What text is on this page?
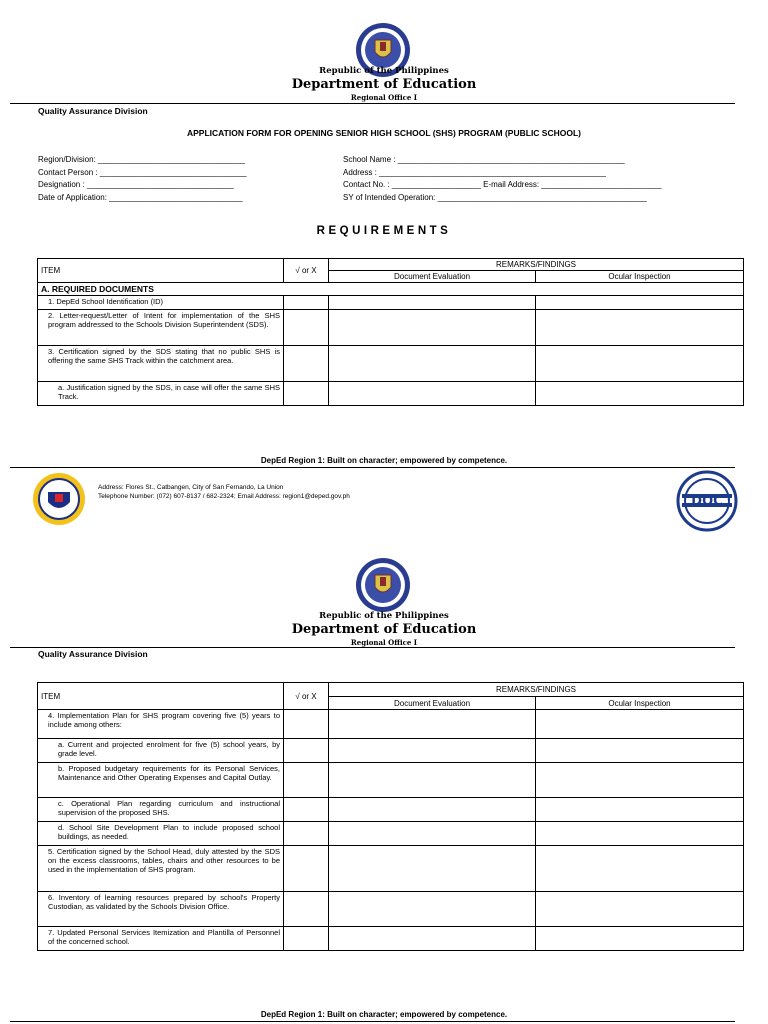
Republic of the Philippines
Department of Education
Regional Office I
Quality Assurance Division
APPLICATION FORM FOR OPENING SENIOR HIGH SCHOOL (SHS) PROGRAM (PUBLIC SCHOOL)
Region/Division: _________________________________
Contact Person : _________________________________
Designation : _________________________________
Date of Application: ______________________________
School Name : ___________________________________________________
Address : ___________________________________________________
Contact No. : ____________________ E-mail Address: ___________________________
SY of Intended Operation: _______________________________________________
REQUIREMENTS
ITEM	√ or X	REMARKS/FINDINGS	
		Document Evaluation	Ocular Inspection
A. REQUIRED DOCUMENTS			
1. DepEd School Identification (ID)			
2. Letter-request/Letter of Intent for implementation of the SHS program addressed to the Schools Division Superintendent (SDS).			
3. Certification signed by the SDS stating that no public SHS is offering the same SHS Track within the catchment area.			
a. Justification signed by the SDS, in case will offer the same SHS Track.			
DepEd Region 1: Built on character; empowered by competence.
Address: Flores St., Catbangen, City of San Fernando, La Union
Telephone Number: (072) 607-8137 / 682-2324; Email Address: region1@deped.gov.ph	DQC
Republic of the Philippines
Department of Education
Regional Office I
Quality Assurance Division
ITEM	√ or X	REMARKS/FINDINGS	
		Document Evaluation	Ocular Inspection
4. Implementation Plan for SHS program covering five (5) years to include among others:			
a. Current and projected enrolment for five (5) school years, by grade level.			
b. Proposed budgetary requirements for its Personal Services, Maintenance and Other Operating Expenses and Capital Outlay.			
c. Operational Plan regarding curriculum and instructional supervision of the proposed SHS.			
d. School Site Development Plan to include proposed school buildings, as needed.			
5. Certification signed by the School Head, duly attested by the SDS on the excess classrooms, tables, chairs and other resources to be used in the implementation of SHS program.			
6. Inventory of learning resources prepared by school's Property Custodian, as validated by the Schools Division Office.			
7. Updated Personal Services Itemization and Plantilla of Personnel of the concerned school.			
DepEd Region 1: Built on character; empowered by competence.
